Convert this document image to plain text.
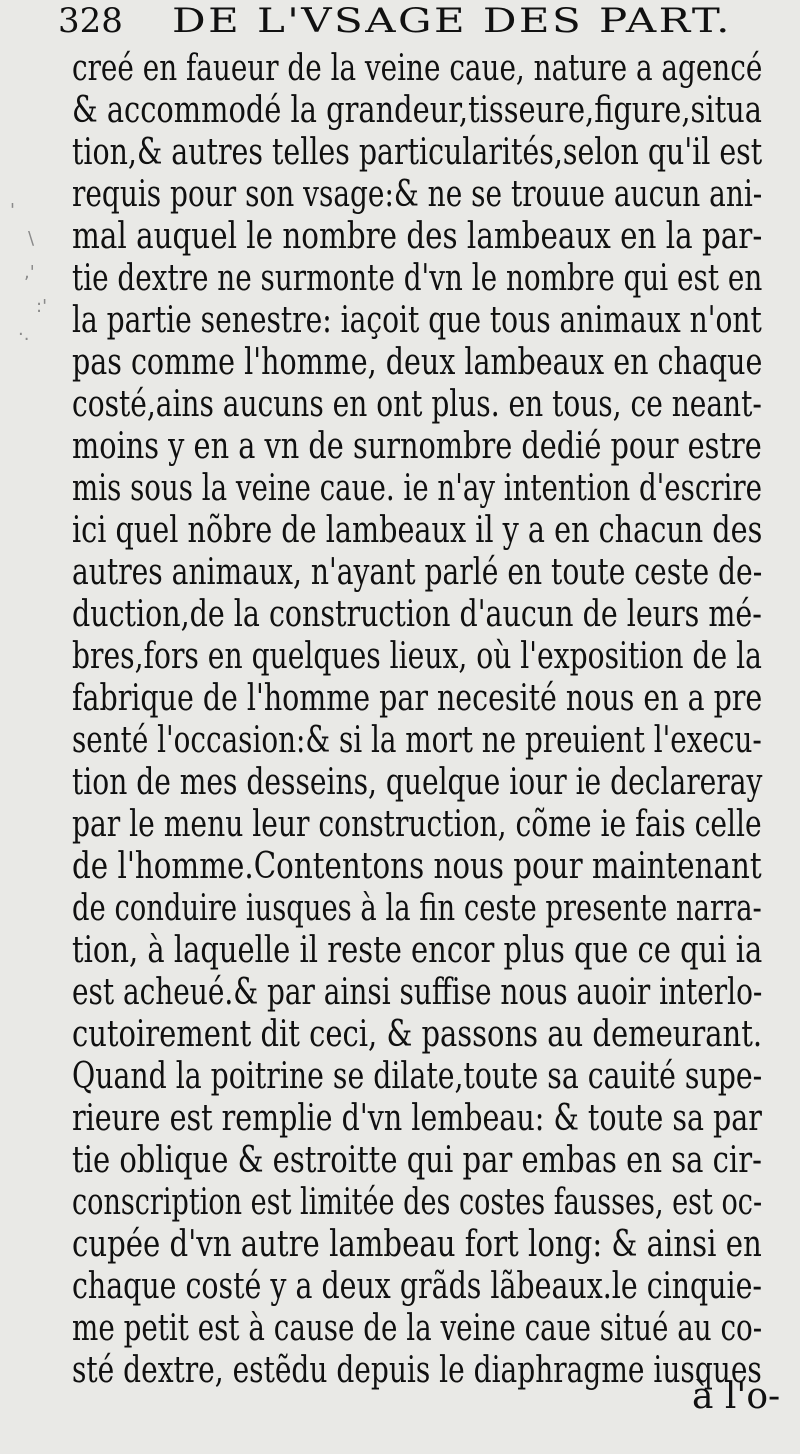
328 DE L'VSAGE DES PART.
'
\
,'
:'
·.
creé en faueur de la veine caue, nature a agencé
& accommodé la grandeur,tisseure,figure,situa
tion,& autres telles particularités,selon qu'il est
requis pour son vsage:& ne se trouue aucun ani-
mal auquel le nombre des lambeaux en la par-
tie dextre ne surmonte d'vn le nombre qui est en
la partie senestre: iaçoit que tous animaux n'ont
pas comme l'homme, deux lambeaux en chaque
costé,ains aucuns en ont plus. en tous, ce neant-
moins y en a vn de surnombre dedié pour estre
mis sous la veine caue. ie n'ay intention d'escrire
ici quel nõbre de lambeaux il y a en chacun des
autres animaux, n'ayant parlé en toute ceste de-
duction,de la construction d'aucun de leurs mé-
bres,fors en quelques lieux, où l'exposition de la
fabrique de l'homme par necesité nous en a pre
senté l'occasion:& si la mort ne preuient l'execu-
tion de mes desseins, quelque iour ie declareray
par le menu leur construction, cõme ie fais celle
de l'homme.Contentons nous pour maintenant
de conduire iusques à la fin ceste presente narra-
tion, à laquelle il reste encor plus que ce qui ia
est acheué.& par ainsi suffise nous auoir interlo-
cutoirement dit ceci, & passons au demeurant.
Quand la poitrine se dilate,toute sa cauité supe-
rieure est remplie d'vn lembeau: & toute sa par
tie oblique & estroitte qui par embas en sa cir-
conscription est limitée des costes fausses, est oc-
cupée d'vn autre lambeau fort long: & ainsi en
chaque costé y a deux grãds lãbeaux.le cinquie-
me petit est à cause de la veine caue situé au co-
sté dextre, estẽdu depuis le diaphragme iusques
à l'o-
